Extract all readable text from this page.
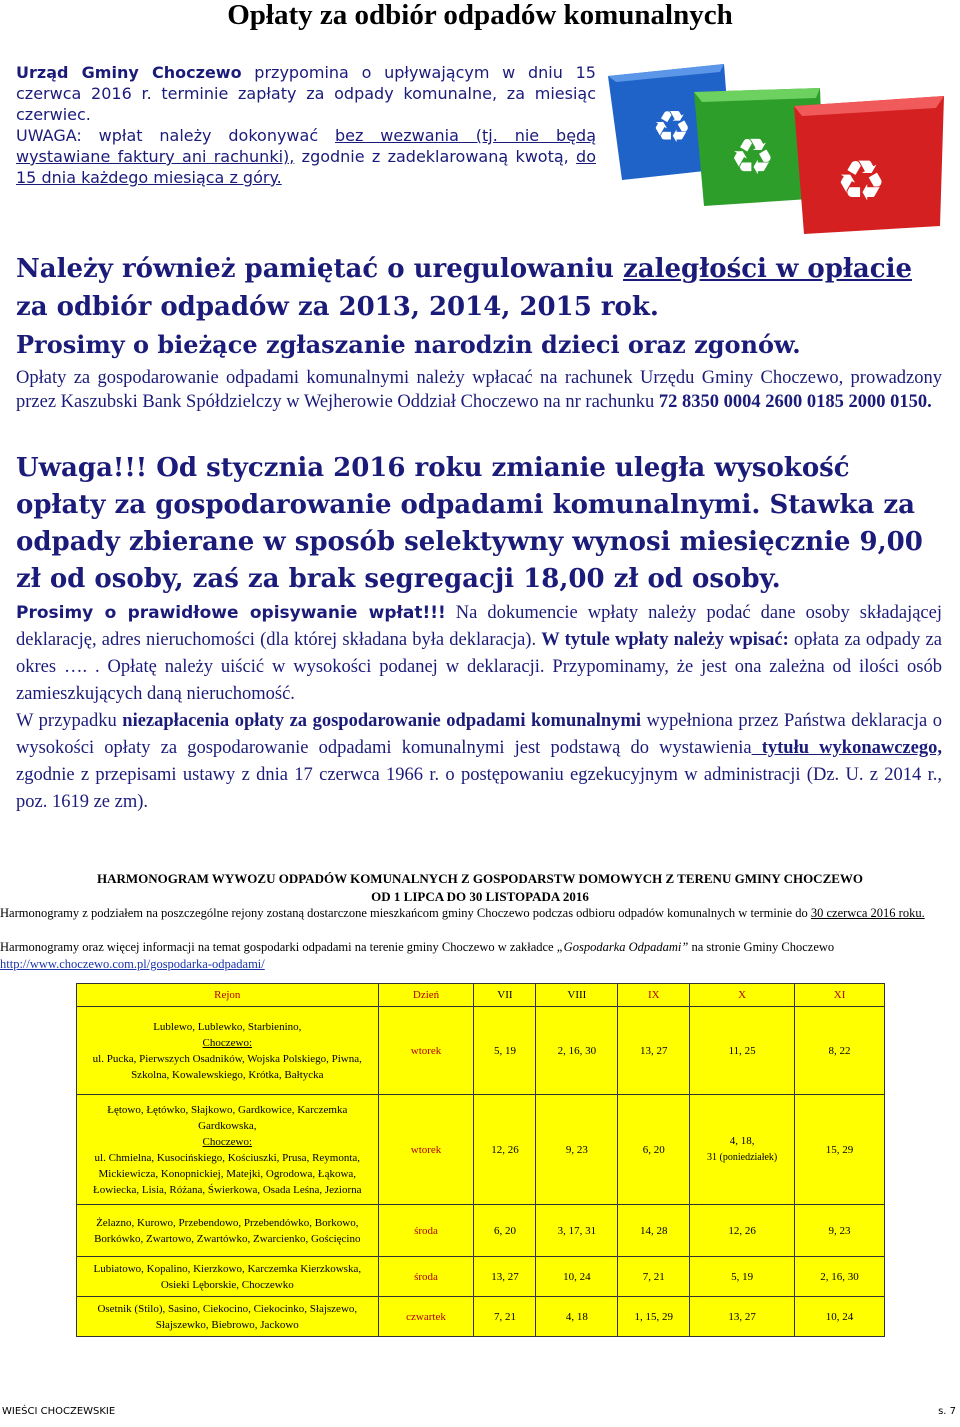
Opłaty za odbiór odpadów komunalnych
Urząd Gminy Choczewo przypomina o upływającym w dniu 15 czerwca 2016 r. terminie zapłaty za odpady komunalne, za miesiąc czerwiec.
UWAGA: wpłat należy dokonywać bez wezwania (tj. nie będą wystawiane faktury ani rachunki), zgodnie z zadeklarowaną kwotą, do 15 dnia każdego miesiąca z góry.
♻
♻ ♻
Należy również pamiętać o uregulowaniu zaległości w opłacie za odbiór odpadów za 2013, 2014, 2015 rok.
Prosimy o bieżące zgłaszanie narodzin dzieci oraz zgonów.
Opłaty za gospodarowanie odpadami komunalnymi należy wpłacać na rachunek Urzędu Gminy Choczewo, prowadzony przez Kaszubski Bank Spółdzielczy w Wejherowie Oddział Choczewo na nr rachunku 72 8350 0004 2600 0185 2000 0150.
Uwaga!!! Od stycznia 2016 roku zmianie uległa wysokość opłaty za gospodarowanie odpadami komunalnymi. Stawka za odpady zbierane w sposób selektywny wynosi miesięcznie 9,00 zł od osoby, zaś za brak segregacji 18,00 zł od osoby.
Prosimy o prawidłowe opisywanie wpłat!!! Na dokumencie wpłaty należy podać dane osoby składającej deklarację, adres nieruchomości (dla której składana była deklaracja). W tytule wpłaty należy wpisać: opłata za odpady za okres …. . Opłatę należy uiścić w wysokości podanej w deklaracji. Przypominamy, że jest ona zależna od ilości osób zamieszkujących daną nieruchomość.
W przypadku niezapłacenia opłaty za gospodarowanie odpadami komunalnymi wypełniona przez Państwa deklaracja o wysokości opłaty za gospodarowanie odpadami komunalnymi jest podstawą do wystawienia tytułu wykonawczego, zgodnie z przepisami ustawy z dnia 17 czerwca 1966 r. o postępowaniu egzekucyjnym w administracji (Dz. U. z 2014 r., poz. 1619 ze zm).
HARMONOGRAM WYWOZU ODPADÓW KOMUNALNYCH Z GOSPODARSTW DOMOWYCH Z TERENU GMINY CHOCZEWO
OD 1 LIPCA DO 30 LISTOPADA 2016
Harmonogramy z podziałem na poszczególne rejony zostaną dostarczone mieszkańcom gminy Choczewo podczas odbioru odpadów komunalnych w terminie do 30 czerwca 2016 roku.
Harmonogramy oraz więcej informacji na temat gospodarki odpadami na terenie gminy Choczewo w zakładce „Gospodarka Odpadami” na stronie Gminy Choczewo http://www.choczewo.com.pl/gospodarka-odpadami/
Rejon	Dzień	VII	VIII	IX	X	XI
Lublewo, Lublewko, Starbienino,
Choczewo:
ul. Pucka, Pierwszych Osadników, Wojska Polskiego, Piwna, Szkolna, Kowalewskiego, Krótka, Bałtycka	wtorek	5, 19	2, 16, 30	13, 27	11, 25	8, 22
Łętowo, Łętówko, Słajkowo, Gardkowice, Karczemka Gardkowska,
Choczewo:
ul. Chmielna, Kusocińskiego, Kościuszki, Prusa, Reymonta, Mickiewicza, Konopnickiej, Matejki, Ogrodowa, Łąkowa, Łowiecka, Lisia, Różana, Świerkowa, Osada Leśna, Jeziorna	wtorek	12, 26	9, 23	6, 20	4, 18,
31 (poniedziałek)	15, 29
Żelazno, Kurowo, Przebendowo, Przebendówko, Borkowo, Borkówko, Zwartowo, Zwartówko, Zwarcienko, Gościęcino	środa	6, 20	3, 17, 31	14, 28	12, 26	9, 23
Lubiatowo, Kopalino, Kierzkowo, Karczemka Kierzkowska, Osieki Lęborskie, Choczewko	środa	13, 27	10, 24	7, 21	5, 19	2, 16, 30
Osetnik (Stilo), Sasino, Ciekocino, Ciekocinko, Słajszewo, Słajszewko, Biebrowo, Jackowo	czwartek	7, 21	4, 18	1, 15, 29	13, 27	10, 24
WIEŚCI CHOCZEWSKIE	s. 7
